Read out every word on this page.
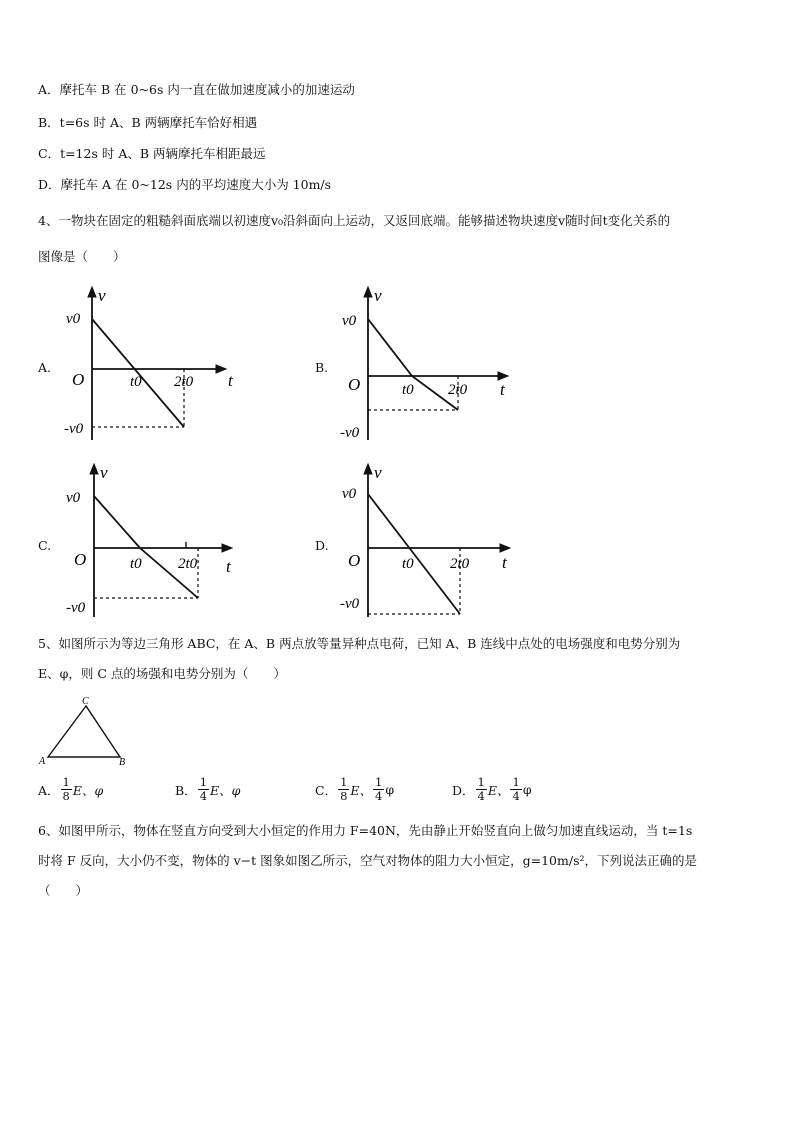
A．摩托车 B 在 0~6s 内一直在做加速度减小的加速运动
B．t=6s 时 A、B 两辆摩托车恰好相遇
C．t=12s 时 A、B 两辆摩托车相距最远
D．摩托车 A 在 0~12s 内的平均速度大小为 10m/s
4、一物块在固定的粗糙斜面底端以初速度v₀沿斜面向上运动，又返回底端。能够描述物块速度v随时间t变化关系的
图像是（　　）
A.
v
v0
O	t0 2t0 t
-v0
B.
v
v0
O	t0 2t0 t
-v0
C.
v
v0
O	t0 2t0 t
-v0
D.
v
v0
O	t0 2t0 t
-v0
5、如图所示为等边三角形 ABC，在 A、B 两点放等量异种点电荷，已知 A、B 连线中点处的电场强度和电势分别为
E、φ，则 C 点的场强和电势分别为（　　）
C
A	B
A． $\frac{1}{8}$ E、φ	B． $\frac{1}{4}$ E、φ	C． $\frac{1}{8}$ E、 $\frac{1}{4}$ φ	D． $\frac{1}{4}$ E、 $\frac{1}{4}$ φ
6、如图甲所示，物体在竖直方向受到大小恒定的作用力 F=40N，先由静止开始竖直向上做匀加速直线运动，当 t=1s
时将 F 反向，大小仍不变，物体的 v−t 图象如图乙所示，空气对物体的阻力大小恒定，g=10m/s²，下列说法正确的是
（　　）
